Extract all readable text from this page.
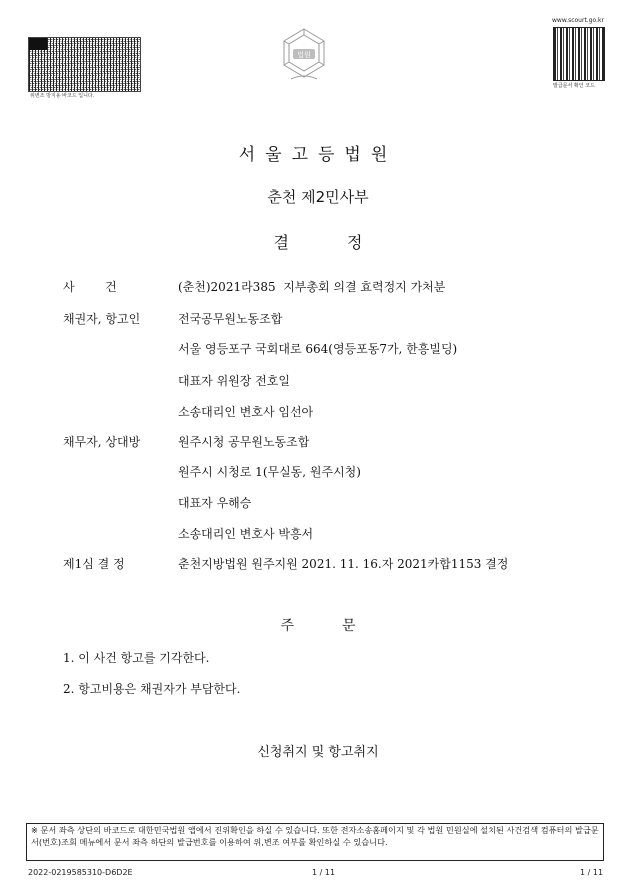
위변조 방지용 바코드 입니다.
www.scourt.go.kr
발급문서 확인 코드
법원
서울고등법원
춘천 제2민사부
결	정
사        건	(춘천)2021라385  지부총회 의결 효력정지 가처분
채권자, 항고인	전국공무원노동조합
서울 영등포구 국회대로 664(영등포동7가, 한흥빌딩)
대표자 위원장 전호일
소송대리인 변호사 임선아
채무자, 상대방	원주시청 공무원노동조합
원주시 시청로 1(무실동, 원주시청)
대표자 우해승
소송대리인 변호사 박흥서
제1심 결 정	춘천지방법원 원주지원 2021. 11. 16.자 2021카합1153 결정
주	문
1. 이 사건 항고를 기각한다.
2. 항고비용은 채권자가 부담한다.
신청취지 및 항고취지
※ 문서 좌측 상단의 바코드로 대한민국법원 앱에서 진위확인을 하실 수 있습니다. 또한 전자소송홈페이지 및 각 법원 민원실에 설치된 사건검색 컴퓨터의 발급문서(번호)조회 메뉴에서 문서 좌측 하단의 발급번호를 이용하여 위,변조 여부를 확인하실 수 있습니다.
2022-0219585310-D6D2E	1 / 11	1 / 11
